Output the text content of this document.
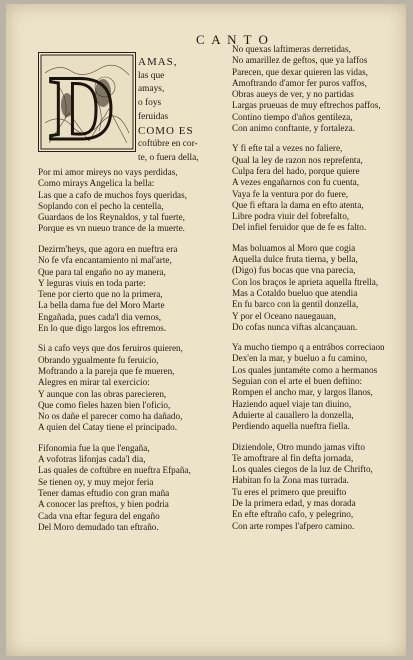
C A N T O
D AMAS,
las que
amays,
o foys
feruidas
COMO ES
coftúbre en cor-
te, o fuera della,
Por mi amor mireys no vays perdidas,
Como mirays Angelica la bella:
Las que a cafo de muchos foys queridas,
Soplando con el pecho la centella,
Guardaos de los Reynaldos, y tal fuerte,
Porque es vn nueuo trance de la muerte.
Dezirm'heys, que agora en nueftra era
No fe vfa encantamiento ni mal'arte,
Que para tal engaño no ay manera,
Y leguras viuis en toda parte:
Tene por cierto que no la primera,
La bella dama fue del Moro Marte
Engañada, pues cada'l dia vemos,
En lo que digo largos los eftremos.
Si a cafo veys que dos feruiros quieren,
Obrando ygualmente fu feruicio,
Moftrando a la pareja que fe mueren,
Alegres en mirar tal exercicio:
Y aunque con las obras parecieren,
Que como fieles hazen bien l'oficio,
No os dañe el parecer como ha dañado,
A quien del Catay tiene el principado.
Fifonomia fue la que l'engaña,
A vofotras lifonjas cada'l dia,
Las quales de coftúbre en nueftra Efpaña,
Se tienen oy, y muy mejor feria
Tener damas eftudio con gran maña
A conocer las preftos, y bien podria
Cada vna eftar fegura del engaño
Del Moro demudado tan eftraño.
No quexas laftimeras derretidas,
No amarillez de geftos, que ya laffos
Parecen, que dexar quieren las vidas,
Amoftrando d'amor fer puros vaffos,
Obras aueys de ver, y no partidas
Largas prueuas de muy eftrechos paffos,
Contino tiempo d'años gentileza,
Con animo conftante, y fortaleza.
Y fi efte tal a vezes no faliere,
Qual la ley de razon nos reprefenta,
Culpa fera del hado, porque quiere
A vezes engañarnos con fu cuenta,
Vaya fe la ventura por do fuere,
Que fi eftara la dama en efto atenta,
Libre podra viuir del fobrefalto,
Del infiel feruidor que de fe es falto.
Mas boluamos al Moro que cogia
Aquella dulce fruta tierna, y bella,
(Digo) fus bocas que vna parecia,
Con los braços le aprieta aquella ftrella,
Mas a Cotaldo bueluo que atendia
En fu barco con la gentil donzella,
Y por el Oceano nauegauan,
Do cofas nunca viftas alcançauan.
Ya mucho tiempo q a entrábos correciaon
Dex'en la mar, y bueluo a fu camino,
Los quales juntaméte como a hermanos
Seguian con el arte el buen deftino:
Rompen el ancho mar, y largos llanos,
Haziendo aquel viaje tan diuino,
Aduierte al cauallero la donzella,
Perdiendo aquella nueftra fiella.
Diziendole, Otro mundo jamas vifto
Te amoftrare al fin defta jornada,
Los quales ciegos de la luz de Chrifto,
Habitan fo la Zona mas turrada.
Tu eres el primero que preuifto
De la primera edad, y mas dorada
En efte eftraño cafo, y pelegrino,
Con arte rompes l'afpero camino.
